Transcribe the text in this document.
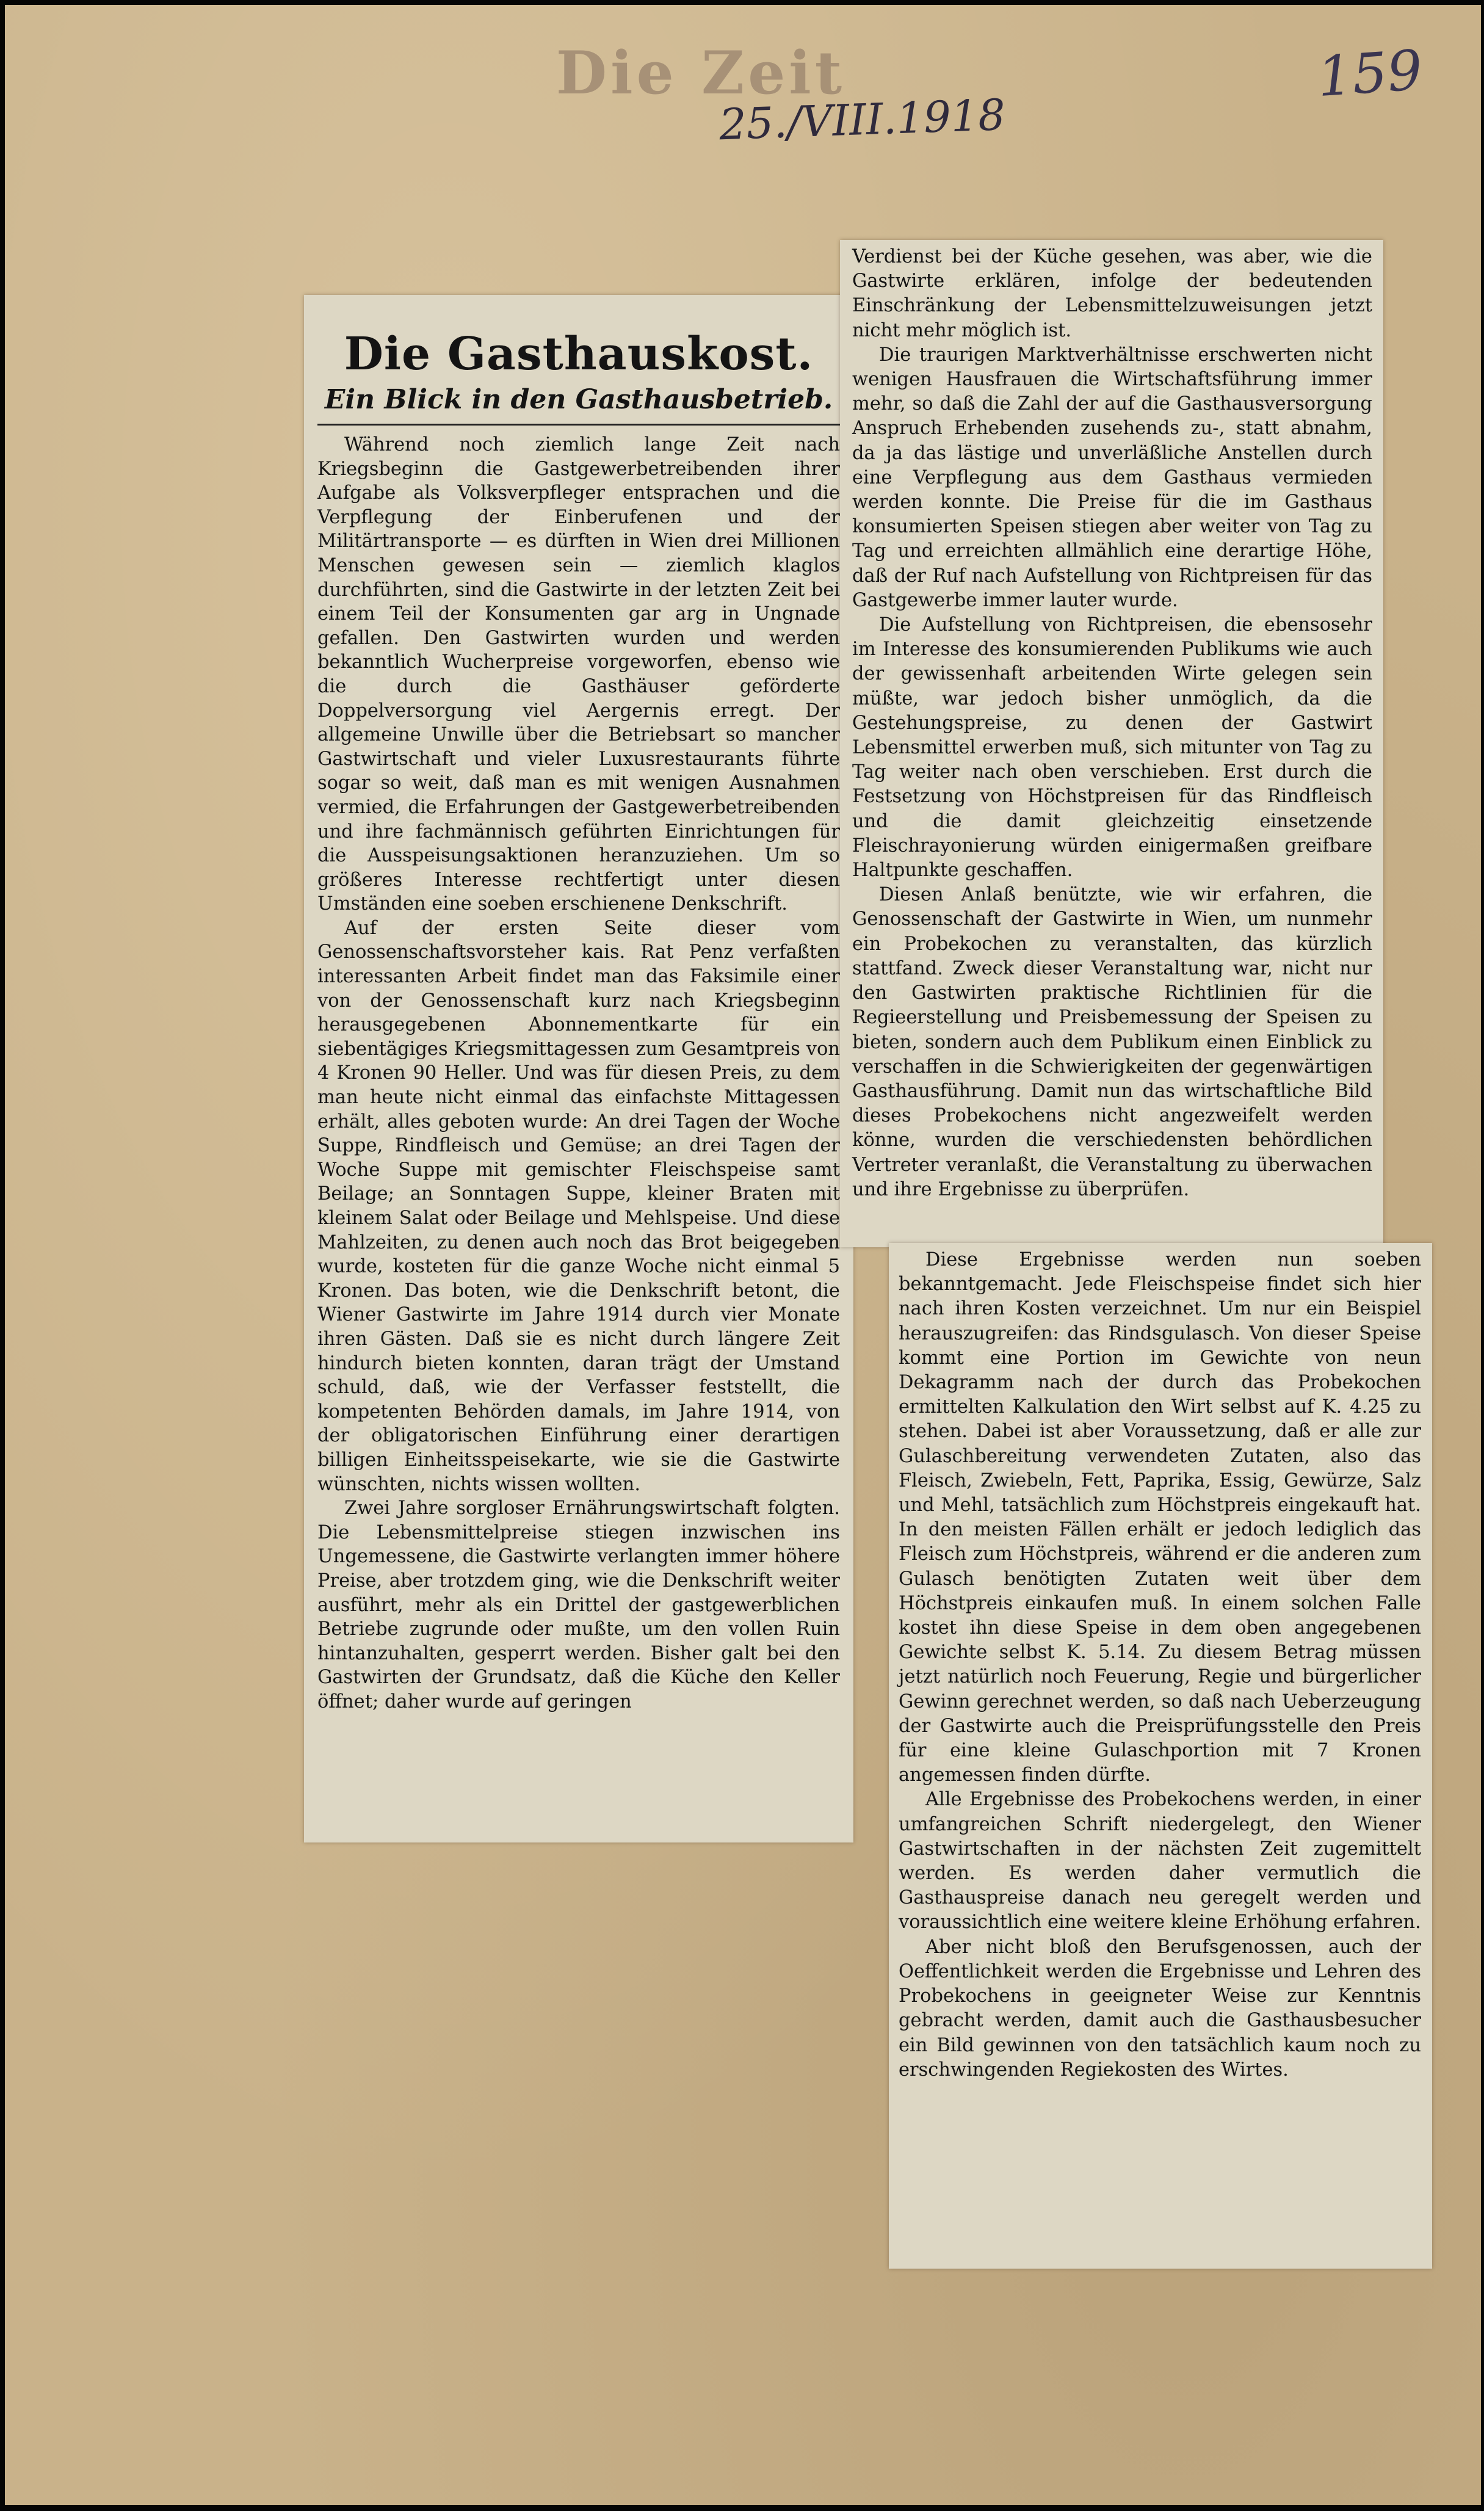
Die Zeit
25./VIII.1918
159
Die Gasthauskost.
Ein Blick in den Gasthausbetrieb.

Während noch ziemlich lange Zeit nach Kriegsbeginn die Gastgewerbetreibenden ihrer Aufgabe als Volksverpfleger entsprachen und die Verpflegung der Einberufenen und der Militärtransporte — es dürften in Wien drei Millionen Menschen gewesen sein — ziemlich klaglos durchführten, sind die Gastwirte in der letzten Zeit bei einem Teil der Konsumenten gar arg in Ungnade gefallen. Den Gastwirten wurden und werden bekanntlich Wucherpreise vorgeworfen, ebenso wie die durch die Gasthäuser geförderte Doppelversorgung viel Aergernis erregt. Der allgemeine Unwille über die Betriebsart so mancher Gastwirtschaft und vieler Luxusrestaurants führte sogar so weit, daß man es mit wenigen Ausnahmen vermied, die Erfahrungen der Gastgewerbetreibenden und ihre fachmännisch geführten Einrichtungen für die Ausspeisungsaktionen heranzuziehen. Um so größeres Interesse rechtfertigt unter diesen Umständen eine soeben erschienene Denkschrift.

Auf der ersten Seite dieser vom Genossenschaftsvorsteher kais. Rat Penz verfaßten interessanten Arbeit findet man das Faksimile einer von der Genossenschaft kurz nach Kriegsbeginn herausgegebenen Abonnementkarte für ein siebentägiges Kriegsmittagessen zum Gesamtpreis von 4 Kronen 90 Heller. Und was für diesen Preis, zu dem man heute nicht einmal das einfachste Mittagessen erhält, alles geboten wurde: An drei Tagen der Woche Suppe, Rindfleisch und Gemüse; an drei Tagen der Woche Suppe mit gemischter Fleischspeise samt Beilage; an Sonntagen Suppe, kleiner Braten mit kleinem Salat oder Beilage und Mehlspeise. Und diese Mahlzeiten, zu denen auch noch das Brot beigegeben wurde, kosteten für die ganze Woche nicht einmal 5 Kronen. Das boten, wie die Denkschrift betont, die Wiener Gastwirte im Jahre 1914 durch vier Monate ihren Gästen. Daß sie es nicht durch längere Zeit hindurch bieten konnten, daran trägt der Umstand schuld, daß, wie der Verfasser feststellt, die kompetenten Behörden damals, im Jahre 1914, von der obligatorischen Einführung einer derartigen billigen Einheitsspeisekarte, wie sie die Gastwirte wünschten, nichts wissen wollten.

Zwei Jahre sorgloser Ernährungswirtschaft folgten. Die Lebensmittelpreise stiegen inzwischen ins Ungemessene, die Gastwirte verlangten immer höhere Preise, aber trotzdem ging, wie die Denkschrift weiter ausführt, mehr als ein Drittel der gastgewerblichen Betriebe zugrunde oder mußte, um den vollen Ruin hintanzuhalten, gesperrt werden. Bisher galt bei den Gastwirten der Grundsatz, daß die Küche den Keller öffnet; daher wurde auf geringen

Verdienst bei der Küche gesehen, was aber, wie die Gastwirte erklären, infolge der bedeutenden Einschränkung der Lebensmittelzuweisungen jetzt nicht mehr möglich ist.

Die traurigen Marktverhältnisse erschwerten nicht wenigen Hausfrauen die Wirtschaftsführung immer mehr, so daß die Zahl der auf die Gasthausversorgung Anspruch Erhebenden zusehends zu-, statt abnahm, da ja das lästige und unverläßliche Anstellen durch eine Verpflegung aus dem Gasthaus vermieden werden konnte. Die Preise für die im Gasthaus konsumierten Speisen stiegen aber weiter von Tag zu Tag und erreichten allmählich eine derartige Höhe, daß der Ruf nach Aufstellung von Richtpreisen für das Gastgewerbe immer lauter wurde.

Die Aufstellung von Richtpreisen, die ebensosehr im Interesse des konsumierenden Publikums wie auch der gewissenhaft arbeitenden Wirte gelegen sein müßte, war jedoch bisher unmöglich, da die Gestehungspreise, zu denen der Gastwirt Lebensmittel erwerben muß, sich mitunter von Tag zu Tag weiter nach oben verschieben. Erst durch die Festsetzung von Höchstpreisen für das Rindfleisch und die damit gleichzeitig einsetzende Fleischrayonierung würden einigermaßen greifbare Haltpunkte geschaffen.

Diesen Anlaß benützte, wie wir erfahren, die Genossenschaft der Gastwirte in Wien, um nunmehr ein Probekochen zu veranstalten, das kürzlich stattfand. Zweck dieser Veranstaltung war, nicht nur den Gastwirten praktische Richtlinien für die Regieerstellung und Preisbemessung der Speisen zu bieten, sondern auch dem Publikum einen Einblick zu verschaffen in die Schwierigkeiten der gegenwärtigen Gasthausführung. Damit nun das wirtschaftliche Bild dieses Probekochens nicht angezweifelt werden könne, wurden die verschiedensten behördlichen Vertreter veranlaßt, die Veranstaltung zu überwachen und ihre Ergebnisse zu überprüfen.

Diese Ergebnisse werden nun soeben bekanntgemacht. Jede Fleischspeise findet sich hier nach ihren Kosten verzeichnet. Um nur ein Beispiel herauszugreifen: das Rindsgulasch. Von dieser Speise kommt eine Portion im Gewichte von neun Dekagramm nach der durch das Probekochen ermittelten Kalkulation den Wirt selbst auf K. 4.25 zu stehen. Dabei ist aber Voraussetzung, daß er alle zur Gulaschbereitung verwendeten Zutaten, also das Fleisch, Zwiebeln, Fett, Paprika, Essig, Gewürze, Salz und Mehl, tatsächlich zum Höchstpreis eingekauft hat. In den meisten Fällen erhält er jedoch lediglich das Fleisch zum Höchstpreis, während er die anderen zum Gulasch benötigten Zutaten weit über dem Höchstpreis einkaufen muß. In einem solchen Falle kostet ihn diese Speise in dem oben angegebenen Gewichte selbst K. 5.14. Zu diesem Betrag müssen jetzt natürlich noch Feuerung, Regie und bürgerlicher Gewinn gerechnet werden, so daß nach Ueberzeugung der Gastwirte auch die Preisprüfungsstelle den Preis für eine kleine Gulaschportion mit 7 Kronen angemessen finden dürfte.

Alle Ergebnisse des Probekochens werden, in einer umfangreichen Schrift niedergelegt, den Wiener Gastwirtschaften in der nächsten Zeit zugemittelt werden. Es werden daher vermutlich die Gasthauspreise danach neu geregelt werden und voraussichtlich eine weitere kleine Erhöhung erfahren.

Aber nicht bloß den Berufsgenossen, auch der Oeffentlichkeit werden die Ergebnisse und Lehren des Probekochens in geeigneter Weise zur Kenntnis gebracht werden, damit auch die Gasthausbesucher ein Bild gewinnen von den tatsächlich kaum noch zu erschwingenden Regiekosten des Wirtes.
